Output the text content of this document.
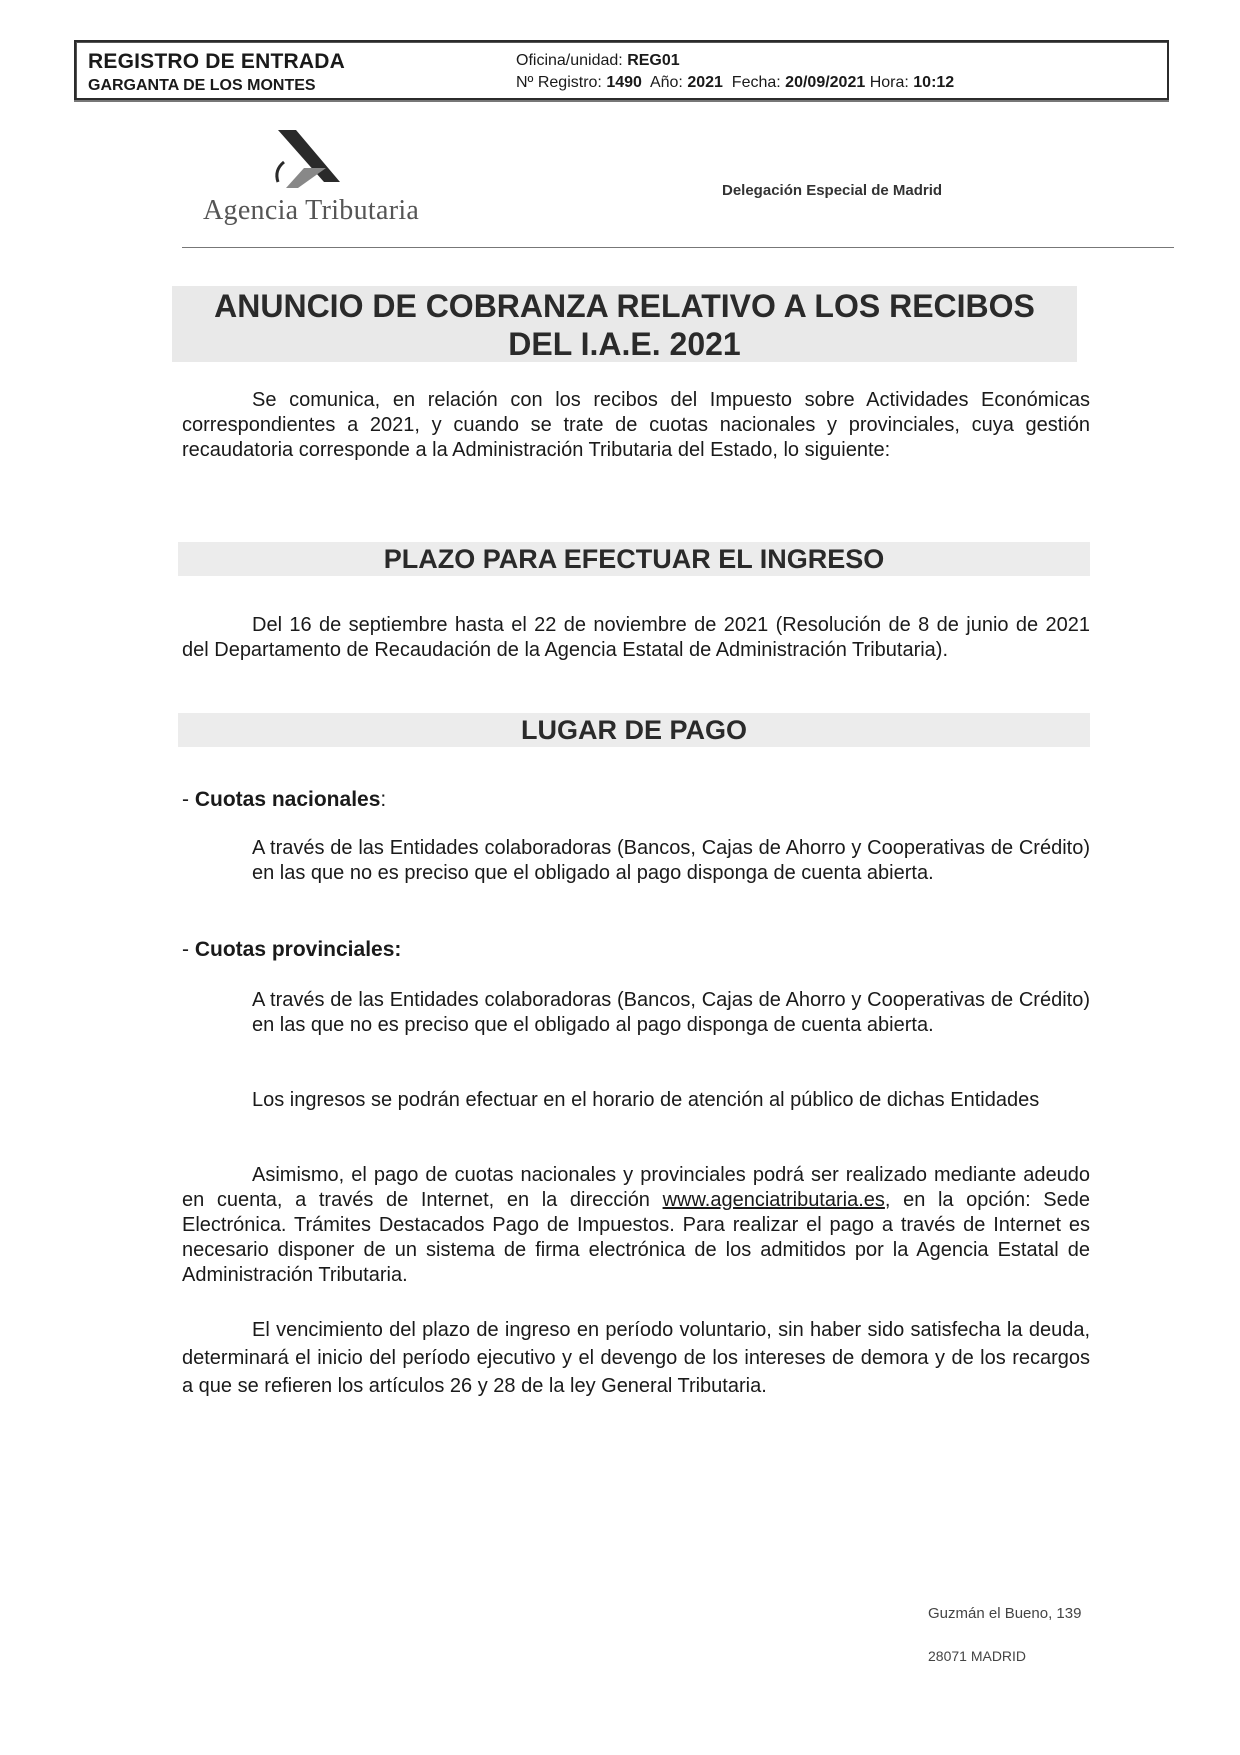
REGISTRO DE ENTRADA
GARGANTA DE LOS MONTES
Oficina/unidad: REG01
Nº Registro: 1490 Año: 2021 Fecha: 20/09/2021 Hora: 10:12
Agencia Tributaria
Delegación Especial de Madrid
ANUNCIO DE COBRANZA RELATIVO A LOS RECIBOS
DEL I.A.E. 2021
Se comunica, en relación con los recibos del Impuesto sobre Actividades Económicas correspondientes a 2021, y cuando se trate de cuotas nacionales y provinciales, cuya gestión recaudatoria corresponde a la Administración Tributaria del Estado, lo siguiente:
PLAZO PARA EFECTUAR EL INGRESO
Del 16 de septiembre hasta el 22 de noviembre de 2021 (Resolución de 8 de junio de 2021 del Departamento de Recaudación de la Agencia Estatal de Administración Tributaria).
LUGAR DE PAGO
- Cuotas nacionales:
A través de las Entidades colaboradoras (Bancos, Cajas de Ahorro y Cooperativas de Crédito) en las que no es preciso que el obligado al pago disponga de cuenta abierta.
- Cuotas provinciales:
A través de las Entidades colaboradoras (Bancos, Cajas de Ahorro y Cooperativas de Crédito) en las que no es preciso que el obligado al pago disponga de cuenta abierta.
Los ingresos se podrán efectuar en el horario de atención al público de dichas Entidades
Asimismo, el pago de cuotas nacionales y provinciales podrá ser realizado mediante adeudo en cuenta, a través de Internet, en la dirección www.agenciatributaria.es, en la opción: Sede Electrónica. Trámites Destacados Pago de Impuestos. Para realizar el pago a través de Internet es necesario disponer de un sistema de firma electrónica de los admitidos por la Agencia Estatal de Administración Tributaria.
El vencimiento del plazo de ingreso en período voluntario, sin haber sido satisfecha la deuda, determinará el inicio del período ejecutivo y el devengo de los intereses de demora y de los recargos a que se refieren los artículos 26 y 28 de la ley General Tributaria.
Guzmán el Bueno, 139
28071 MADRID
